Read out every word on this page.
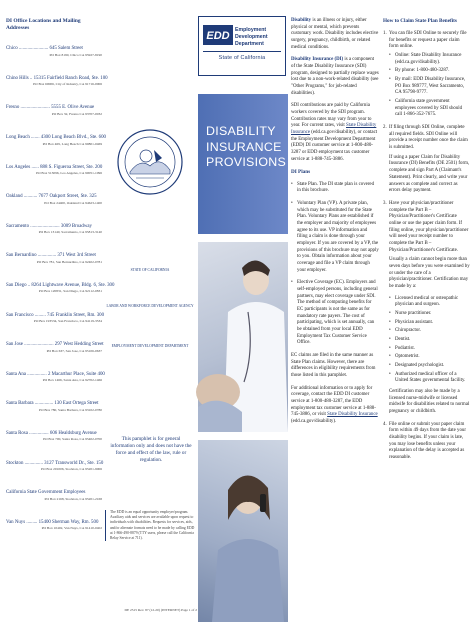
DI Office Locations and Mailing Addresses
Chico ........................ 645 Salem Street
PO Box 8190, Chico CA 95927-8190
Chino Hills .. 15315 Fairfield Ranch Road, Ste. 100
PO Box 60006, City of Industry, CA 91716-0006
Fresno ........................ 5555 E. Olive Avenue
PO Box 32, Fresno CA 93707-0032
Long Beach ....... 4300 Long Beach Blvd., Ste. 600
PO Box 469, Long Beach CA 90801-0469
Los Angeles ...... 888 S. Figueroa Street, Ste. 200
PO Box 513096, Los Angeles, CA 90051-1096
Oakland ........... 7677 Oakport Street, Ste. 325
PO Box 24400, Oakland CA 94623-1400
Sacramento ........................ 3009 Broadway
PO Box 13140, Sacramento, CA 95813-3140
San Bernardino ............... 371 West 3rd Street
PO Box 781, San Bernardino, CA 92402-0781
San Diego .. 8264 Lightwave Avenue, Bldg. 6, Ste. 300
PO Box 120831, San Diego, CA 92112-0831
San Francisco ......... 745 Franklin Street, Rm. 300
PO Box 193534, San Francisco, CA 94119-3534
San Jose ........................ 297 West Hedding Street
PO Box 637, San Jose, CA 95106-0637
Santa Ana ................ 2 Macarthur Place, Suite 400
PO Box 1466, Santa Ana, CA 92702-1466
Santa Barbara ............... 130 East Ortega Street
PO Box 780, Santa Barbara, CA 93102-0780
Santa Rosa ................ 606 Healdsburg Avenue
PO Box 700, Santa Rosa, CA 95402-0700
Stockton ............... 3127 Transworld Dr., Ste. 150
PO Box 201006, Stockton, CA 95201-9006
California State Government Employees
PO Box 2168, Stockton, CA 95201-2168
Van Nuys ......... 15400 Sherman Way, Rm. 500
PO Box 10402, Van Nuys, CA 91410-0402
STATE OF CALIFORNIA
LABOR AND WORKFORCE DEVELOPMENT AGENCY
EMPLOYMENT DEVELOPMENT DEPARTMENT
This pamphlet is for general information only and does not have the force and effect of the law, rule or regulation.
The EDD is an equal opportunity employer/program. Auxiliary aids and services are available upon request to individuals with disabilities. Requests for services, aids, and/or alternate formats need to be made by calling EDD at 1-866-490-8879 (TTY users, please call the California Relay Service at 711).
DE 2515 Rev. 87 (12-20) (INTERNET) Page 1 of 2
EDD Employment
Development
Department
State of California
DISABILITY
INSURANCE
PROVISIONS

Disability is an illness or injury, either physical or mental, which prevents customary work. Disability includes elective surgery, pregnancy, childbirth, or related medical conditions.

Disability Insurance (DI) is a component of the State Disability Insurance (SDI) program, designed to partially replace wages lost due to a non-work-related disability (see "Other Programs," for job-related disabilities).

SDI contributions are paid by California workers covered by the SDI program. Contribution rates may vary from year to year. For current rates, visit State Disability Insurance (edd.ca.gov/disability), or contact the Employment Development Department (EDD) DI customer service at 1-800-480-3287 or EDD employment tax customer service at 1-888-745-3886.

DI Plans
• State Plan. The DI state plan is covered in this brochure.
• Voluntary Plan (VP). A private plan, which may be substituted for the State Plan. Voluntary Plans are established if the employer and majority of employees agree to its use. VP information and filing a claim is done through your employer. If you are covered by a VP, the provisions of this brochure may not apply to you. Obtain information about your coverage and file a VP claim through your employer.
• Elective Coverage (EC). Employers and self-employed persons, including general partners, may elect coverage under SDI. The method of computing benefits for EC participants is not the same as for mandatory rate payers. The cost of participating, which is set annually, can be obtained from your local EDD Employment Tax Customer Service Office.

EC claims are filed in the same manner as State Plan claims. However, there are differences in eligibility requirements from those listed in this pamphlet.

For additional information or to apply for coverage, contact the EDD DI customer service at 1-800-480-3287, the EDD employment tax customer service at 1-888-745-3886, or visit State Disability Insurance (edd.ca.gov/disability).

How to Claim State Plan Benefits
1. You can file SDI Online to securely file for benefits or request a paper claim form online.
• Online: State Disability Insurance (edd.ca.gov/disability).
• By phone: 1-800-480-3287.
• By mail: EDD Disability Insurance, PO Box 989777, West Sacramento, CA 95798-9777.
• California state government employees covered by SDI should call 1-866-352-7675.
2. If filing through SDI Online, complete all required fields. SDI Online will provide a receipt number once the claim is submitted.
If using a paper Claim for Disability Insurance (DI) Benefits (DE 2501) form, complete and sign Part A (Claimant's Statement). Print clearly, and write your answers as complete and correct as errors delay payment.
3. Have your physician/practitioner complete the Part B – Physician/Practitioner's Certificate online or use the paper claim form. If filing online, your physician/practitioner will need your receipt number to complete the Part B – Physician/Practitioner's Certificate.
Usually a claim cannot begin more than seven days before you were examined by or under the care of a physician/practitioner. Certification may be made by a:
• Licensed medical or osteopathic physician and surgeon.
• Nurse practitioner.
• Physician assistant.
• Chiropractor.
• Dentist.
• Podiatrist.
• Optometrist.
• Designated psychologist.
• Authorized medical officer of a United States governmental facility.
Certification may also be made by a licensed nurse-midwife or licensed midwife for disabilities related to normal pregnancy or childbirth.
4. File online or submit your paper claim form within 49 days from the date your disability begins. If your claim is late, you may lose benefits unless your explanation of the delay is accepted as reasonable.
